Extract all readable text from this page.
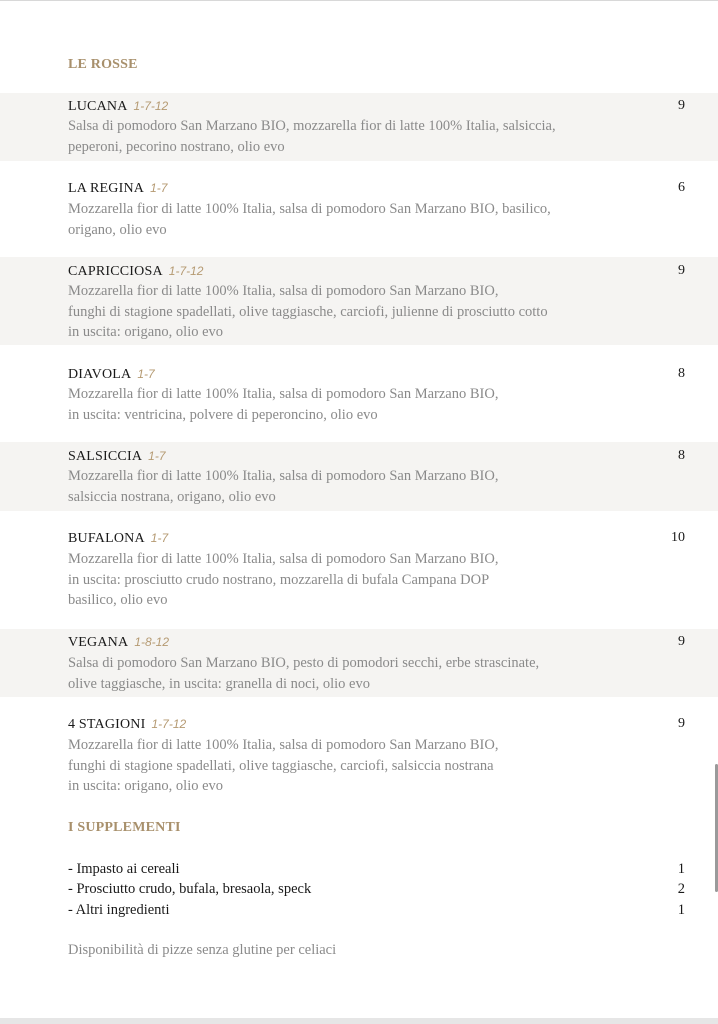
LE ROSSE
LUCANA 1-7-12	9
Salsa di pomodoro San Marzano BIO, mozzarella fior di latte 100% Italia, salsiccia,
peperoni, pecorino nostrano, olio evo
LA REGINA 1-7	6
Mozzarella fior di latte 100% Italia, salsa di pomodoro San Marzano BIO, basilico,
origano, olio evo
CAPRICCIOSA 1-7-12	9
Mozzarella fior di latte 100% Italia, salsa di pomodoro San Marzano BIO,
funghi di stagione spadellati, olive taggiasche, carciofi, julienne di prosciutto cotto
in uscita: origano, olio evo
DIAVOLA 1-7	8
Mozzarella fior di latte 100% Italia, salsa di pomodoro San Marzano BIO,
in uscita: ventricina, polvere di peperoncino, olio evo
SALSICCIA 1-7	8
Mozzarella fior di latte 100% Italia, salsa di pomodoro San Marzano BIO,
salsiccia nostrana, origano, olio evo
BUFALONA 1-7	10
Mozzarella fior di latte 100% Italia, salsa di pomodoro San Marzano BIO,
in uscita: prosciutto crudo nostrano, mozzarella di bufala Campana DOP
basilico, olio evo
VEGANA 1-8-12	9
Salsa di pomodoro San Marzano BIO, pesto di pomodori secchi, erbe strascinate,
olive taggiasche, in uscita: granella di noci, olio evo
4 STAGIONI 1-7-12	9
Mozzarella fior di latte 100% Italia, salsa di pomodoro San Marzano BIO,
funghi di stagione spadellati, olive taggiasche, carciofi, salsiccia nostrana
in uscita: origano, olio evo
I SUPPLEMENTI
- Impasto ai cereali	1
- Prosciutto crudo, bufala, bresaola, speck	2
- Altri ingredienti	1
Disponibilità di pizze senza glutine per celiaci
